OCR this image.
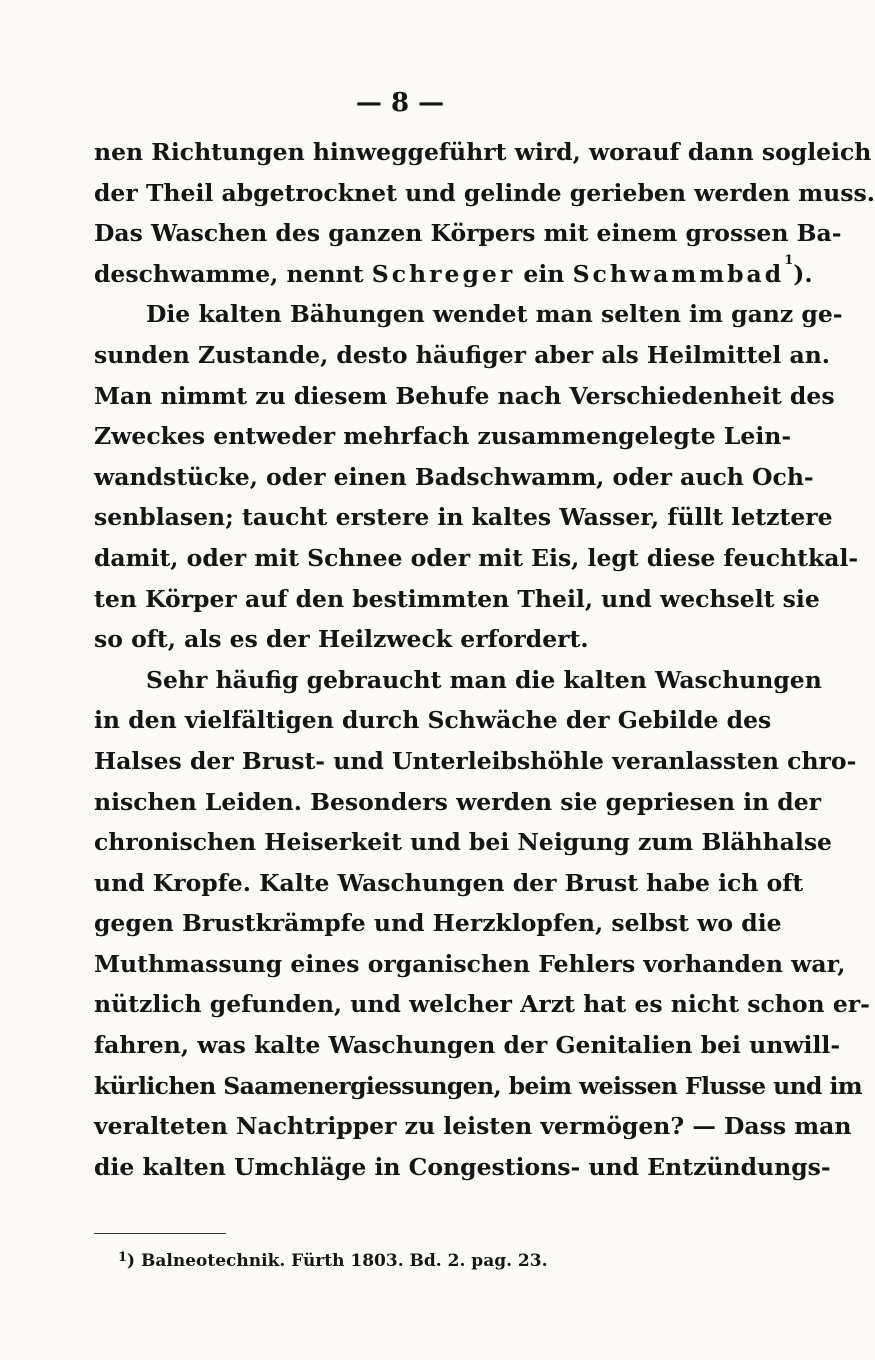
— 8 —
nen Richtungen hinweggeführt wird, worauf dann sogleich
der Theil abgetrocknet und gelinde gerieben werden muss.
Das Waschen des ganzen Körpers mit einem grossen Ba-
deschwamme, nennt Schreger ein Schwammbad$^1$).
Die kalten Bähungen wendet man selten im ganz ge-
sunden Zustande, desto häufiger aber als Heilmittel an.
Man nimmt zu diesem Behufe nach Verschiedenheit des
Zweckes entweder mehrfach zusammengelegte Lein-
wandstücke, oder einen Badschwamm, oder auch Och-
senblasen; taucht erstere in kaltes Wasser, füllt letztere
damit, oder mit Schnee oder mit Eis, legt diese feuchtkal-
ten Körper auf den bestimmten Theil, und wechselt sie
so oft, als es der Heilzweck erfordert.
Sehr häufig gebraucht man die kalten Waschungen
in den vielfältigen durch Schwäche der Gebilde des
Halses der Brust- und Unterleibshöhle veranlassten chro-
nischen Leiden. Besonders werden sie gepriesen in der
chronischen Heiserkeit und bei Neigung zum Blähhalse
und Kropfe. Kalte Waschungen der Brust habe ich oft
gegen Brustkrämpfe und Herzklopfen, selbst wo die
Muthmassung eines organischen Fehlers vorhanden war,
nützlich gefunden, und welcher Arzt hat es nicht schon er-
fahren, was kalte Waschungen der Genitalien bei unwill-
kürlichen Saamenergiessungen, beim weissen Flusse und im
veralteten Nachtripper zu leisten vermögen? — Dass man
die kalten Umchläge in Congestions- und Entzündungs-
$^1$) Balneotechnik. Fürth 1803. Bd. 2. pag. 23.
